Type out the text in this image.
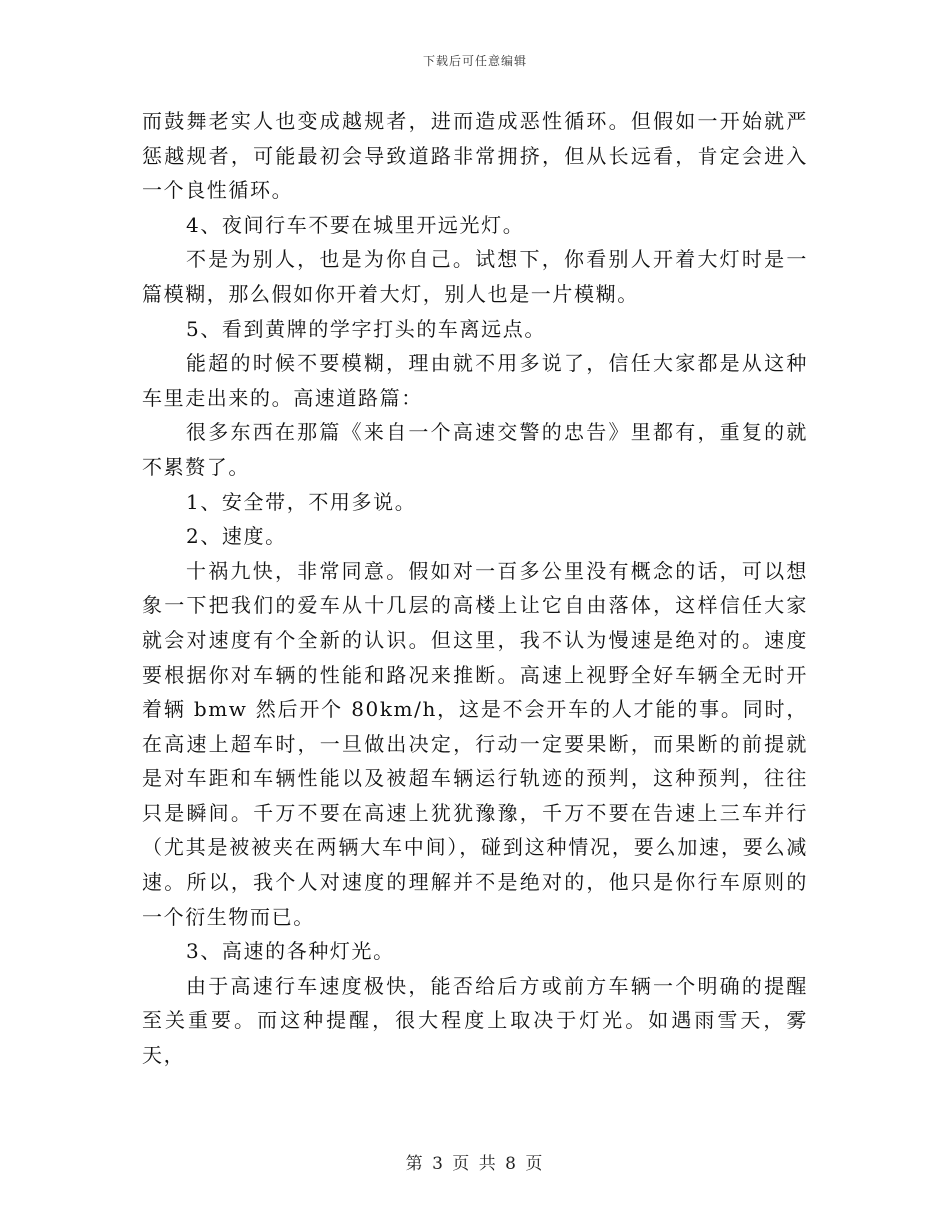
下载后可任意编辑

而鼓舞老实人也变成越规者，进而造成恶性循环。但假如一开始就严惩越规者，可能最初会导致道路非常拥挤，但从长远看，肯定会进入一个良性循环。

4、夜间行车不要在城里开远光灯。

不是为别人，也是为你自己。试想下，你看别人开着大灯时是一篇模糊，那么假如你开着大灯，别人也是一片模糊。

5、看到黄牌的学字打头的车离远点。

能超的时候不要模糊，理由就不用多说了，信任大家都是从这种车里走出来的。高速道路篇：

很多东西在那篇《来自一个高速交警的忠告》里都有，重复的就不累赘了。

1、安全带，不用多说。

2、速度。

十祸九快，非常同意。假如对一百多公里没有概念的话，可以想象一下把我们的爱车从十几层的高楼上让它自由落体，这样信任大家就会对速度有个全新的认识。但这里，我不认为慢速是绝对的。速度要根据你对车辆的性能和路况来推断。高速上视野全好车辆全无时开着辆 bmw 然后开个 80km/h，这是不会开车的人才能的事。同时，在高速上超车时，一旦做出决定，行动一定要果断，而果断的前提就是对车距和车辆性能以及被超车辆运行轨迹的预判，这种预判，往往只是瞬间。千万不要在高速上犹犹豫豫，千万不要在告速上三车并行（尤其是被被夹在两辆大车中间），碰到这种情况，要么加速，要么减速。所以，我个人对速度的理解并不是绝对的，他只是你行车原则的一个衍生物而已。

3、高速的各种灯光。

由于高速行车速度极快，能否给后方或前方车辆一个明确的提醒至关重要。而这种提醒，很大程度上取决于灯光。如遇雨雪天，雾天，

第 3 页 共 8 页
